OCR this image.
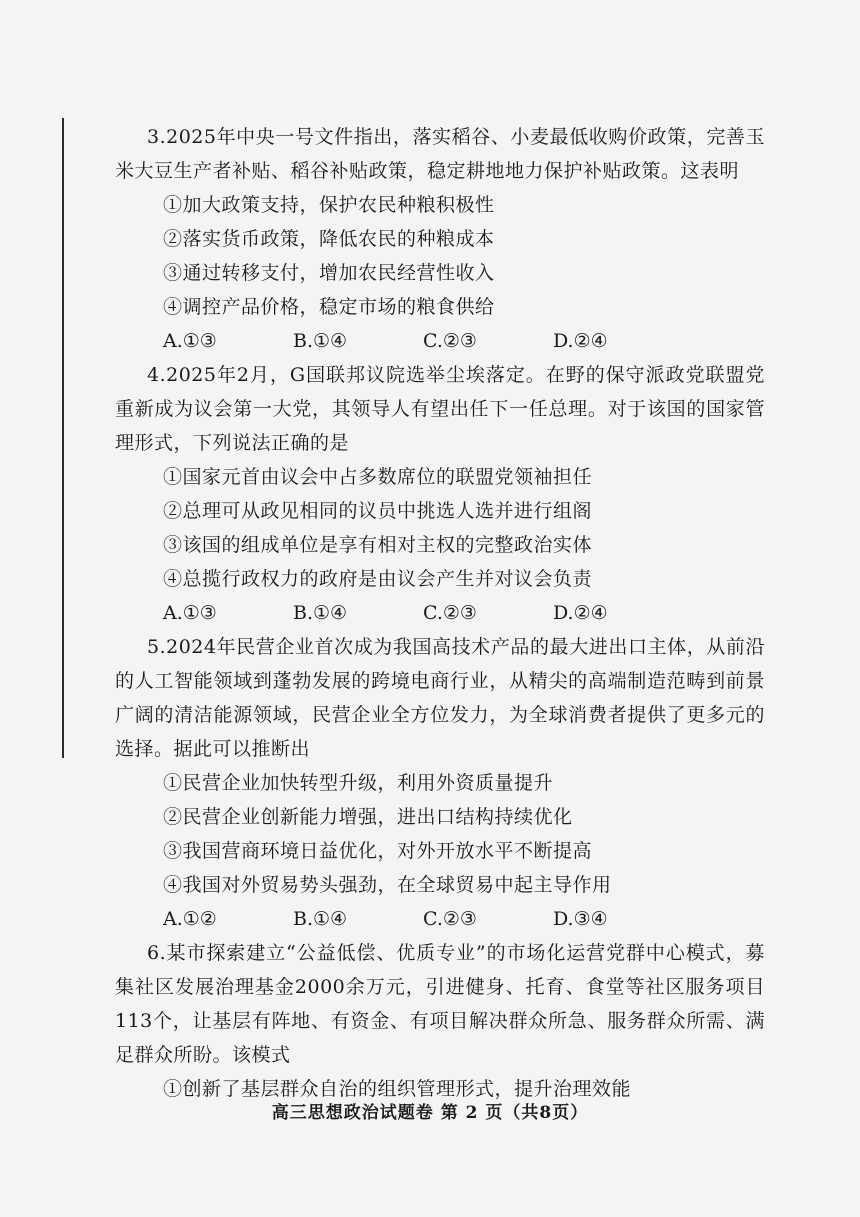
3.2025年中央一号文件指出，落实稻谷、小麦最低收购价政策，完善玉米大豆生产者补贴、稻谷补贴政策，稳定耕地地力保护补贴政策。这表明

①加大政策支持，保护农民种粮积极性

②落实货币政策，降低农民的种粮成本

③通过转移支付，增加农民经营性收入

④调控产品价格，稳定市场的粮食供给

A.①③	B.①④	C.②③	D.②④

4.2025年2月，G国联邦议院选举尘埃落定。在野的保守派政党联盟党重新成为议会第一大党，其领导人有望出任下一任总理。对于该国的国家管理形式，下列说法正确的是

①国家元首由议会中占多数席位的联盟党领袖担任

②总理可从政见相同的议员中挑选人选并进行组阁

③该国的组成单位是享有相对主权的完整政治实体

④总揽行政权力的政府是由议会产生并对议会负责

A.①③	B.①④	C.②③	D.②④

5.2024年民营企业首次成为我国高技术产品的最大进出口主体，从前沿的人工智能领域到蓬勃发展的跨境电商行业，从精尖的高端制造范畴到前景广阔的清洁能源领域，民营企业全方位发力，为全球消费者提供了更多元的选择。据此可以推断出

①民营企业加快转型升级，利用外资质量提升

②民营企业创新能力增强，进出口结构持续优化

③我国营商环境日益优化，对外开放水平不断提高

④我国对外贸易势头强劲，在全球贸易中起主导作用

A.①②	B.①④	C.②③	D.③④

6.某市探索建立“公益低偿、优质专业”的市场化运营党群中心模式，募集社区发展治理基金2000余万元，引进健身、托育、食堂等社区服务项目113个，让基层有阵地、有资金、有项目解决群众所急、服务群众所需、满足群众所盼。该模式

①创新了基层群众自治的组织管理形式，提升治理效能

高三思想政治试题卷 第 2 页（共8页）
